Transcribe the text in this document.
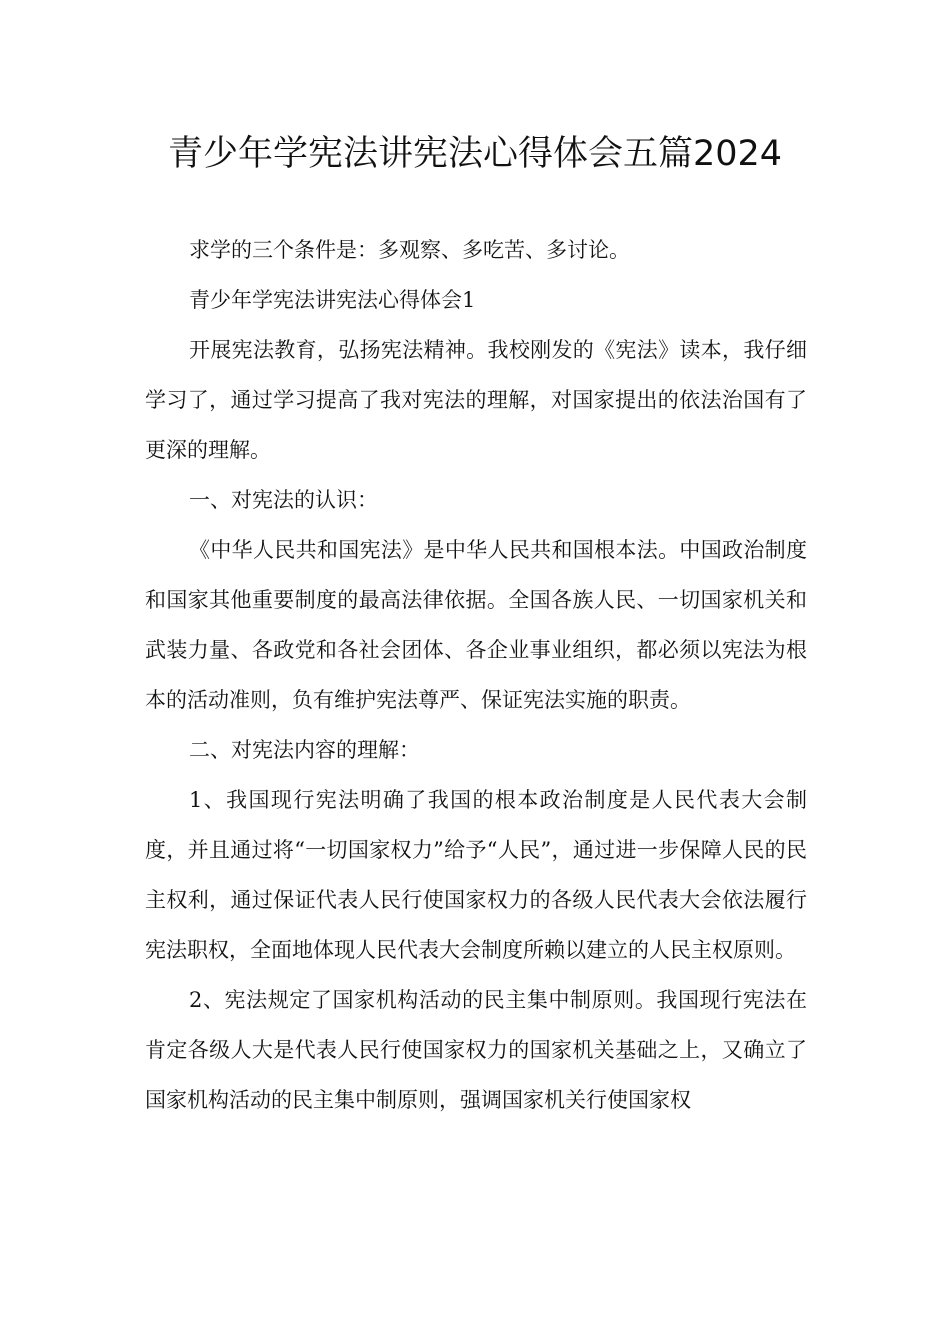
青少年学宪法讲宪法心得体会五篇2024

求学的三个条件是：多观察、多吃苦、多讨论。

青少年学宪法讲宪法心得体会1

开展宪法教育，弘扬宪法精神。我校刚发的《宪法》读本，我仔细学习了，通过学习提高了我对宪法的理解，对国家提出的依法治国有了更深的理解。

一、对宪法的认识：

《中华人民共和国宪法》是中华人民共和国根本法。中国政治制度和国家其他重要制度的最高法律依据。全国各族人民、一切国家机关和武装力量、各政党和各社会团体、各企业事业组织，都必须以宪法为根本的活动准则，负有维护宪法尊严、保证宪法实施的职责。

二、对宪法内容的理解：

1、我国现行宪法明确了我国的根本政治制度是人民代表大会制度，并且通过将“一切国家权力”给予“人民”，通过进一步保障人民的民主权利，通过保证代表人民行使国家权力的各级人民代表大会依法履行宪法职权，全面地体现人民代表大会制度所赖以建立的人民主权原则。

2、宪法规定了国家机构活动的民主集中制原则。我国现行宪法在肯定各级人大是代表人民行使国家权力的国家机关基础之上，又确立了国家机构活动的民主集中制原则，强调国家机关行使国家权
